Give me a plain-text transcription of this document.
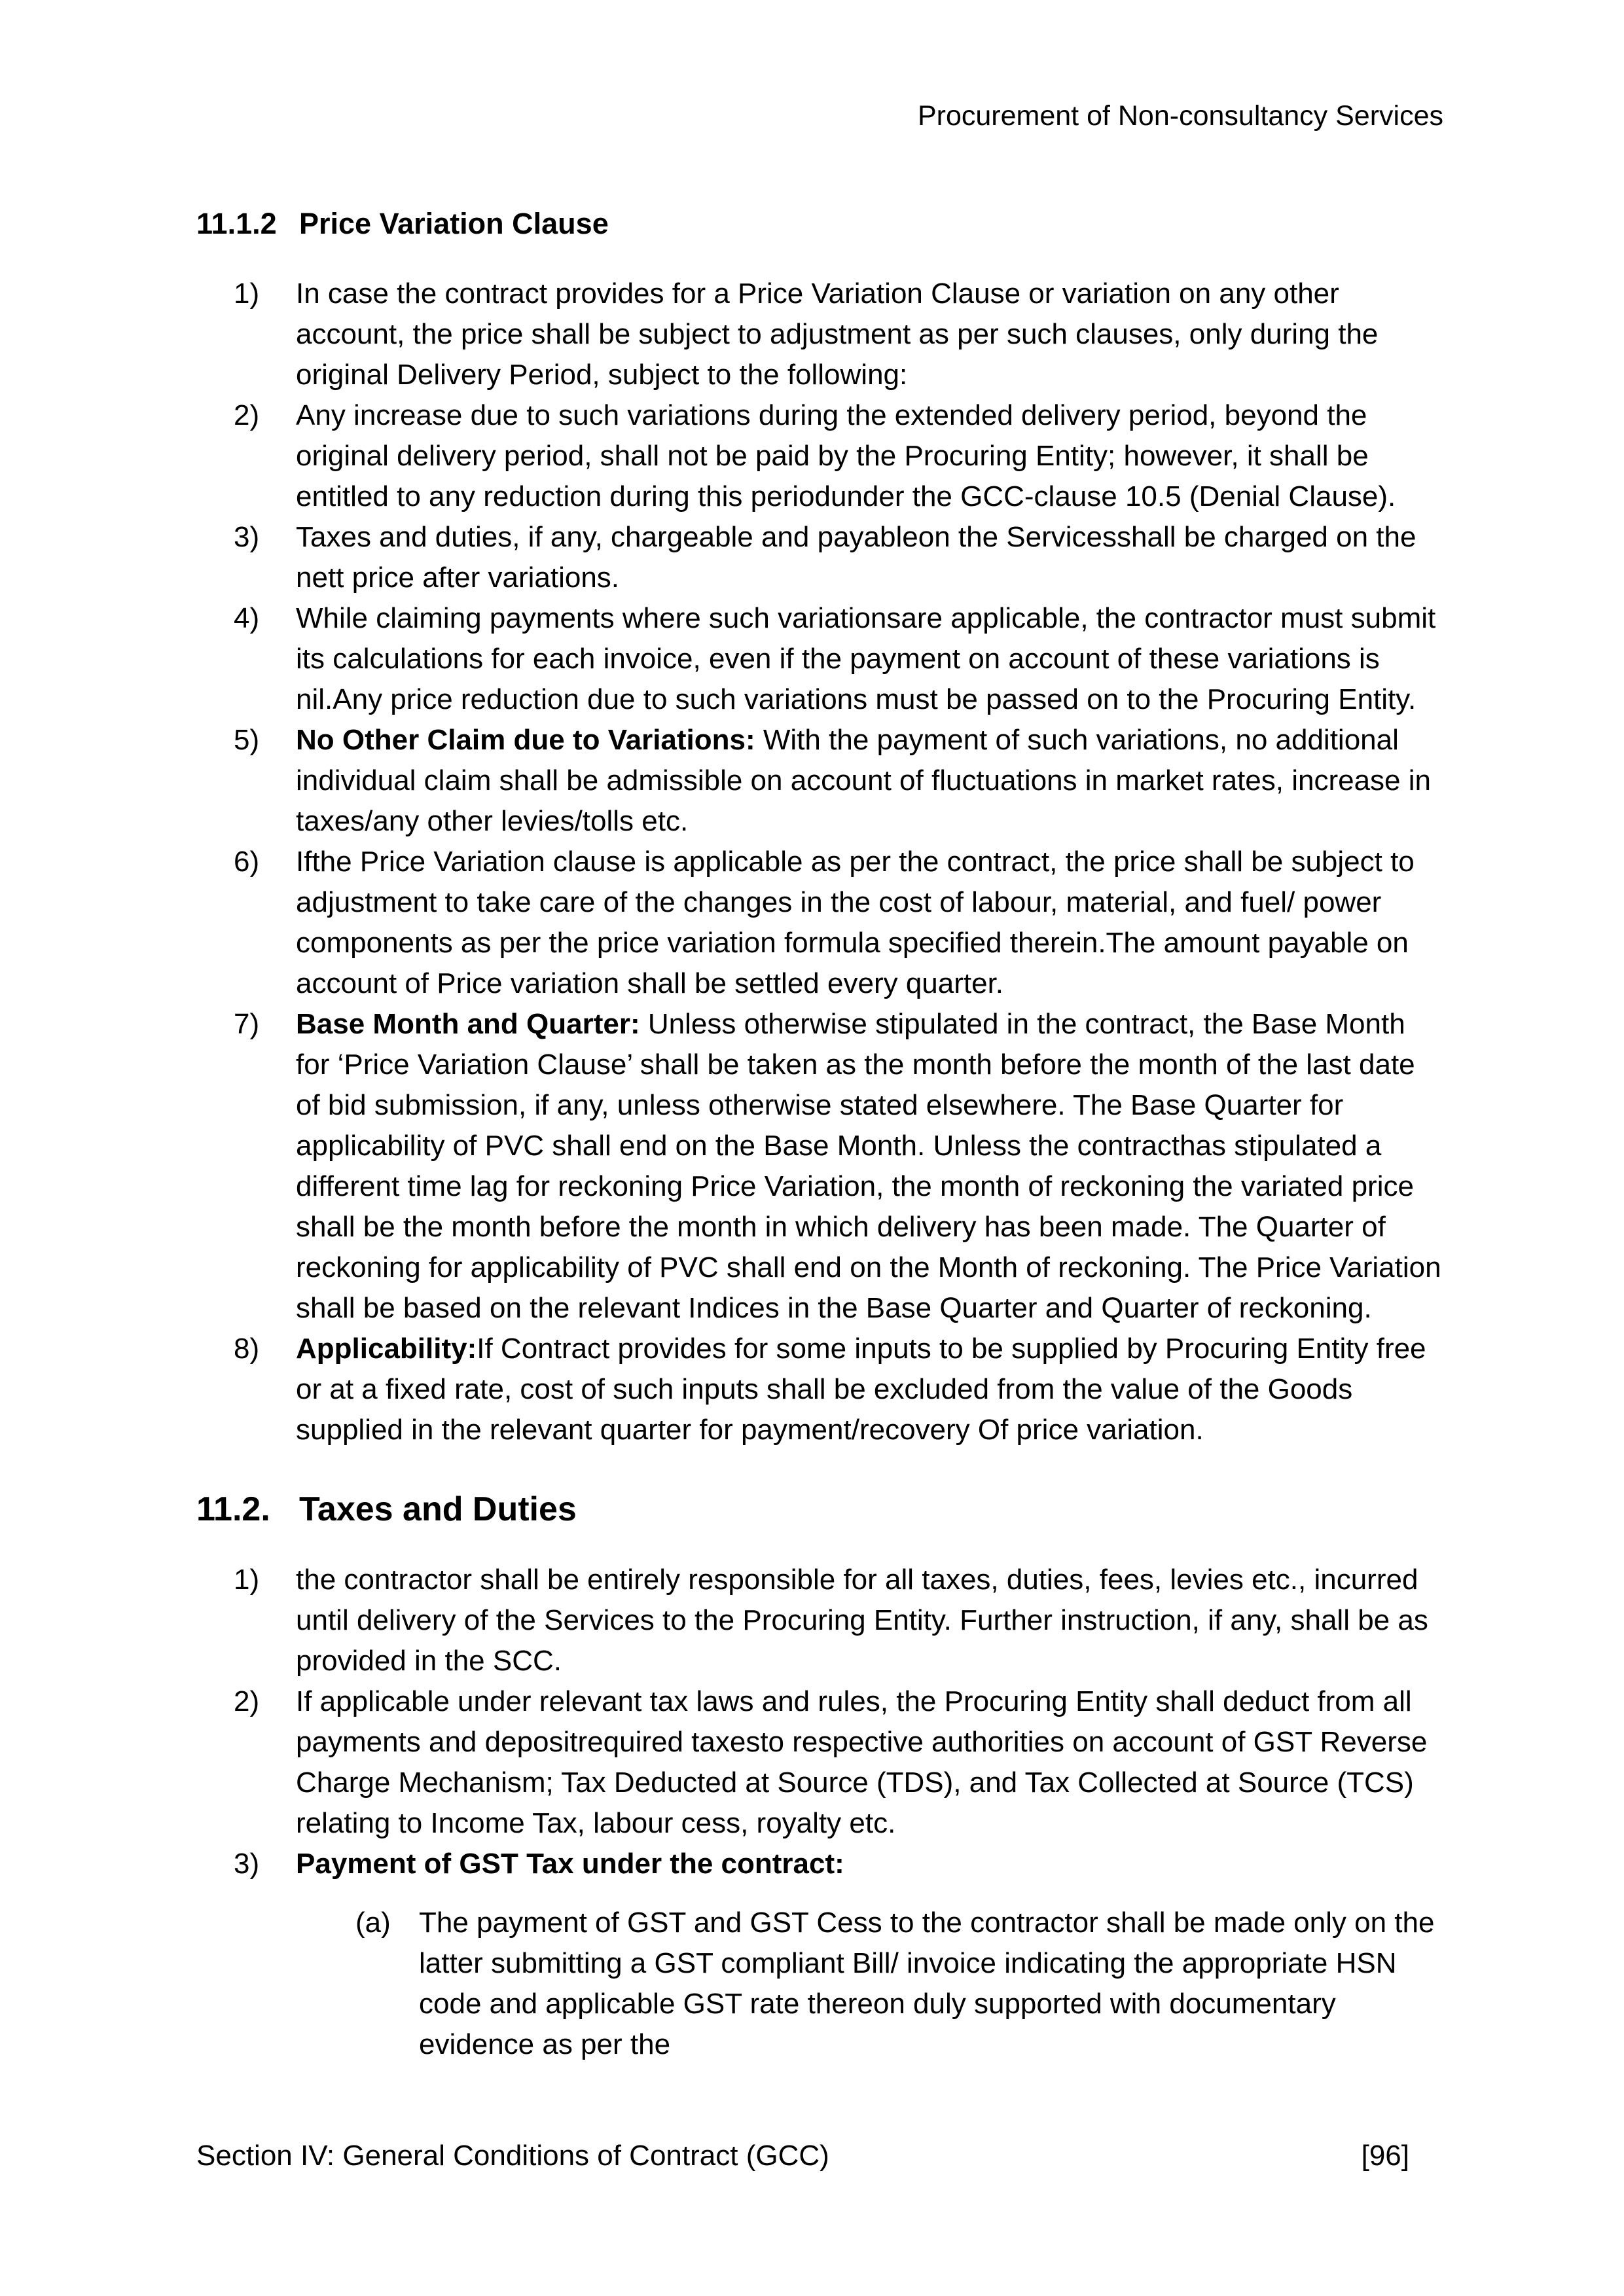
Procurement of Non-consultancy Services
11.1.2 Price Variation Clause
1)	In case the contract provides for a Price Variation Clause or variation on any other account, the price shall be subject to adjustment as per such clauses, only during the original Delivery Period, subject to the following:
2)	Any increase due to such variations during the extended delivery period, beyond the original delivery period, shall not be paid by the Procuring Entity; however, it shall be entitled to any reduction during this periodunder the GCC-clause 10.5 (Denial Clause).
3)	Taxes and duties, if any, chargeable and payableon the Servicesshall be charged on the nett price after variations.
4)	While claiming payments where such variationsare applicable, the contractor must submit its calculations for each invoice, even if the payment on account of these variations is nil.Any price reduction due to such variations must be passed on to the Procuring Entity.
5)	No Other Claim due to Variations: With the payment of such variations, no additional individual claim shall be admissible on account of fluctuations in market rates, increase in taxes/any other levies/tolls etc.
6)	Ifthe Price Variation clause is applicable as per the contract, the price shall be subject to adjustment to take care of the changes in the cost of labour, material, and fuel/ power components as per the price variation formula specified therein.The amount payable on account of Price variation shall be settled every quarter.
7)	Base Month and Quarter: Unless otherwise stipulated in the contract, the Base Month for ‘Price Variation Clause’ shall be taken as the month before the month of the last date of bid submission, if any, unless otherwise stated elsewhere. The Base Quarter for applicability of PVC shall end on the Base Month. Unless the contracthas stipulated a different time lag for reckoning Price Variation, the month of reckoning the variated price shall be the month before the month in which delivery has been made. The Quarter of reckoning for applicability of PVC shall end on the Month of reckoning. The Price Variation shall be based on the relevant Indices in the Base Quarter and Quarter of reckoning.
8)	Applicability:If Contract provides for some inputs to be supplied by Procuring Entity free or at a fixed rate, cost of such inputs shall be excluded from the value of the Goods supplied in the relevant quarter for payment/recovery Of price variation.
11.2. Taxes and Duties
1)	the contractor shall be entirely responsible for all taxes, duties, fees, levies etc., incurred until delivery of the Services to the Procuring Entity. Further instruction, if any, shall be as provided in the SCC.
2)	If applicable under relevant tax laws and rules, the Procuring Entity shall deduct from all payments and depositrequired taxesto respective authorities on account of GST Reverse Charge Mechanism; Tax Deducted at Source (TDS), and Tax Collected at Source (TCS) relating to Income Tax, labour cess, royalty etc.
3)	Payment of GST Tax under the contract:
(a) The payment of GST and GST Cess to the contractor shall be made only on the latter submitting a GST compliant Bill/ invoice indicating the appropriate HSN code and applicable GST rate thereon duly supported with documentary evidence as per the
Section IV: General Conditions of Contract (GCC)	[96]
